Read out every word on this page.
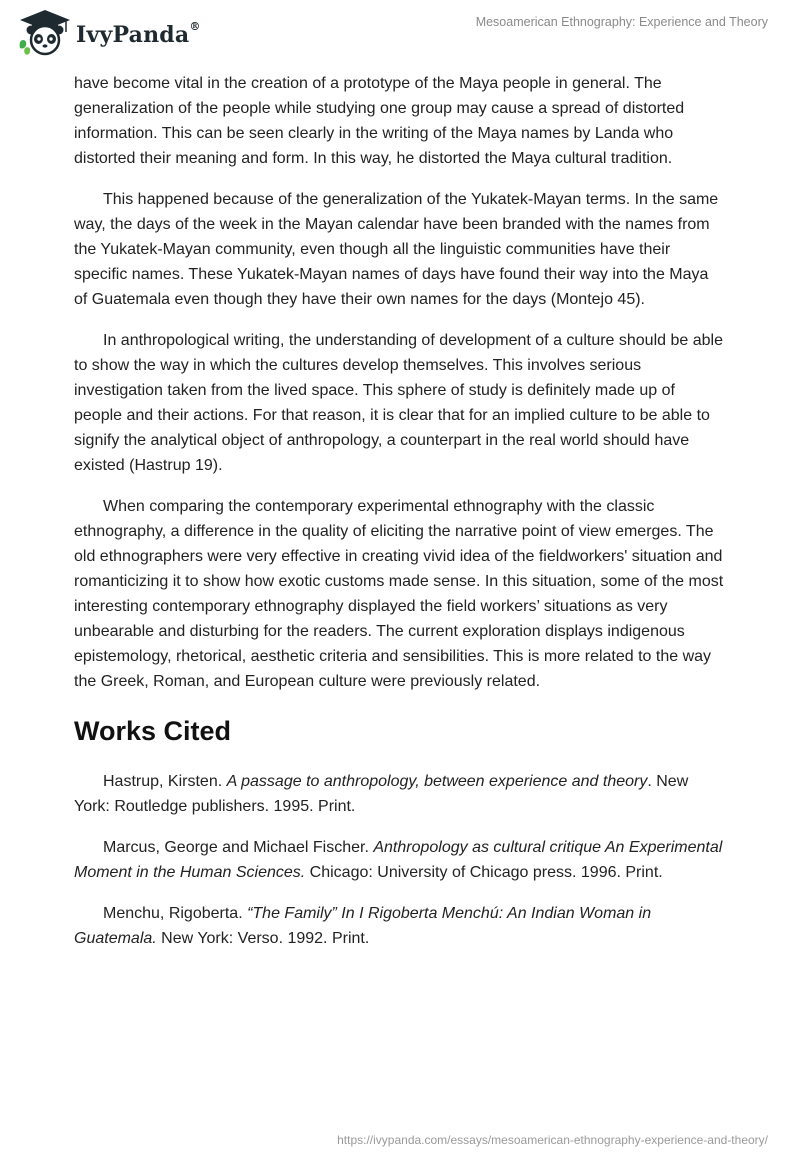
IvyPanda®	Mesoamerican Ethnography: Experience and Theory

have become vital in the creation of a prototype of the Maya people in general. The generalization of the people while studying one group may cause a spread of distorted information. This can be seen clearly in the writing of the Maya names by Landa who distorted their meaning and form. In this way, he distorted the Maya cultural tradition.

This happened because of the generalization of the Yukatek-Mayan terms. In the same way, the days of the week in the Mayan calendar have been branded with the names from the Yukatek-Mayan community, even though all the linguistic communities have their specific names. These Yukatek-Mayan names of days have found their way into the Maya of Guatemala even though they have their own names for the days (Montejo 45).

In anthropological writing, the understanding of development of a culture should be able to show the way in which the cultures develop themselves. This involves serious investigation taken from the lived space. This sphere of study is definitely made up of people and their actions. For that reason, it is clear that for an implied culture to be able to signify the analytical object of anthropology, a counterpart in the real world should have existed (Hastrup 19).

When comparing the contemporary experimental ethnography with the classic ethnography, a difference in the quality of eliciting the narrative point of view emerges. The old ethnographers were very effective in creating vivid idea of the fieldworkers' situation and romanticizing it to show how exotic customs made sense. In this situation, some of the most interesting contemporary ethnography displayed the field workers’ situations as very unbearable and disturbing for the readers. The current exploration displays indigenous epistemology, rhetorical, aesthetic criteria and sensibilities. This is more related to the way the Greek, Roman, and European culture were previously related.

Works Cited

Hastrup, Kirsten. A passage to anthropology, between experience and theory. New York: Routledge publishers. 1995. Print.

Marcus, George and Michael Fischer. Anthropology as cultural critique An Experimental Moment in the Human Sciences. Chicago: University of Chicago press. 1996. Print.

Menchu, Rigoberta. “The Family” In I Rigoberta Menchú: An Indian Woman in Guatemala. New York: Verso. 1992. Print.

https://ivypanda.com/essays/mesoamerican-ethnography-experience-and-theory/
